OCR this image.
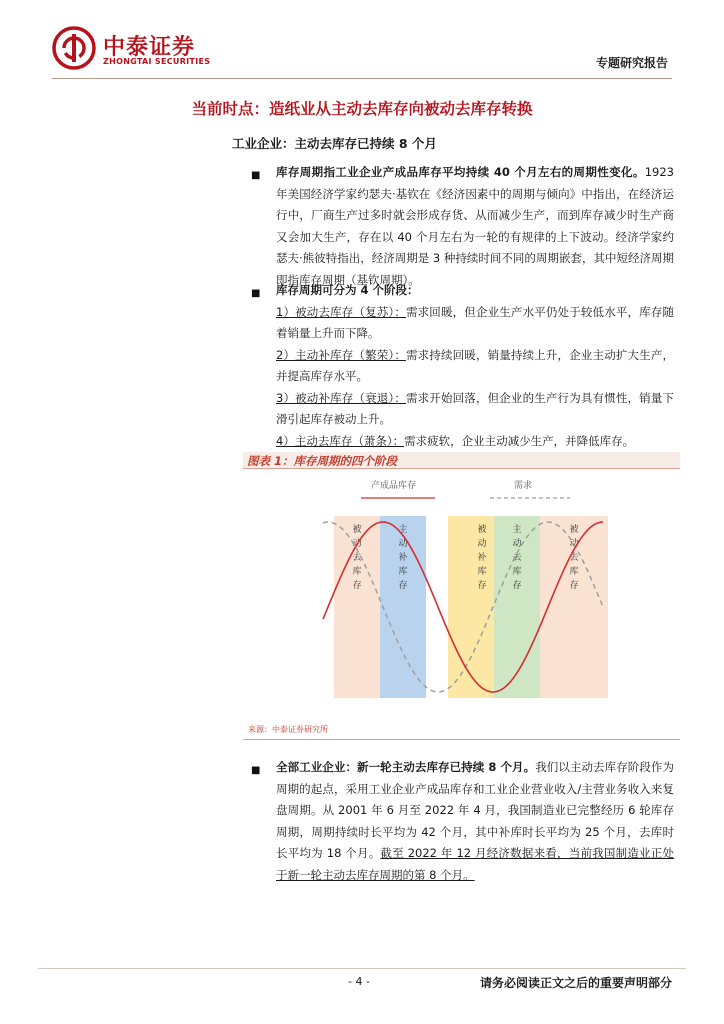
中泰证券
ZHONGTAI SECURITIES	专题研究报告
当前时点：造纸业从主动去库存向被动去库存转换
工业企业：主动去库存已持续 8 个月
■ 库存周期指工业企业产成品库存平均持续 40 个月左右的周期性变化。1923 年美国经济学家约瑟夫·基钦在《经济因素中的周期与倾向》中指出，在经济运行中，厂商生产过多时就会形成存货、从而减少生产，而到库存减少时生产商又会加大生产，存在以 40 个月左右为一轮的有规律的上下波动。经济学家约瑟夫·熊彼特指出，经济周期是 3 种持续时间不同的周期嵌套，其中短经济周期即指库存周期（基钦周期）。
■ 库存周期可分为 4 个阶段：
1）被动去库存（复苏）：需求回暖，但企业生产水平仍处于较低水平，库存随着销量上升而下降。
2）主动补库存（繁荣）：需求持续回暖，销量持续上升，企业主动扩大生产，并提高库存水平。
3）被动补库存（衰退）：需求开始回落，但企业的生产行为具有惯性，销量下滑引起库存被动上升。
4）主动去库存（萧条）：需求疲软，企业主动减少生产，并降低库存。
图表 1：库存周期的四个阶段
被动去库存
主动补库存
被动补库存
主动去库存
被动去库存
产成品库存	需求
来源：中泰证券研究所
■ 全部工业企业：新一轮主动去库存已持续 8 个月。我们以主动去库存阶段作为周期的起点，采用工业企业产成品库存和工业企业营业收入/主营业务收入来复盘周期。从 2001 年 6 月至 2022 年 4 月，我国制造业已完整经历 6 轮库存周期，周期持续时长平均为 42 个月，其中补库时长平均为 25 个月，去库时长平均为 18 个月。截至 2022 年 12 月经济数据来看，当前我国制造业正处于新一轮主动去库存周期的第 8 个月。
- 4 -	请务必阅读正文之后的重要声明部分
